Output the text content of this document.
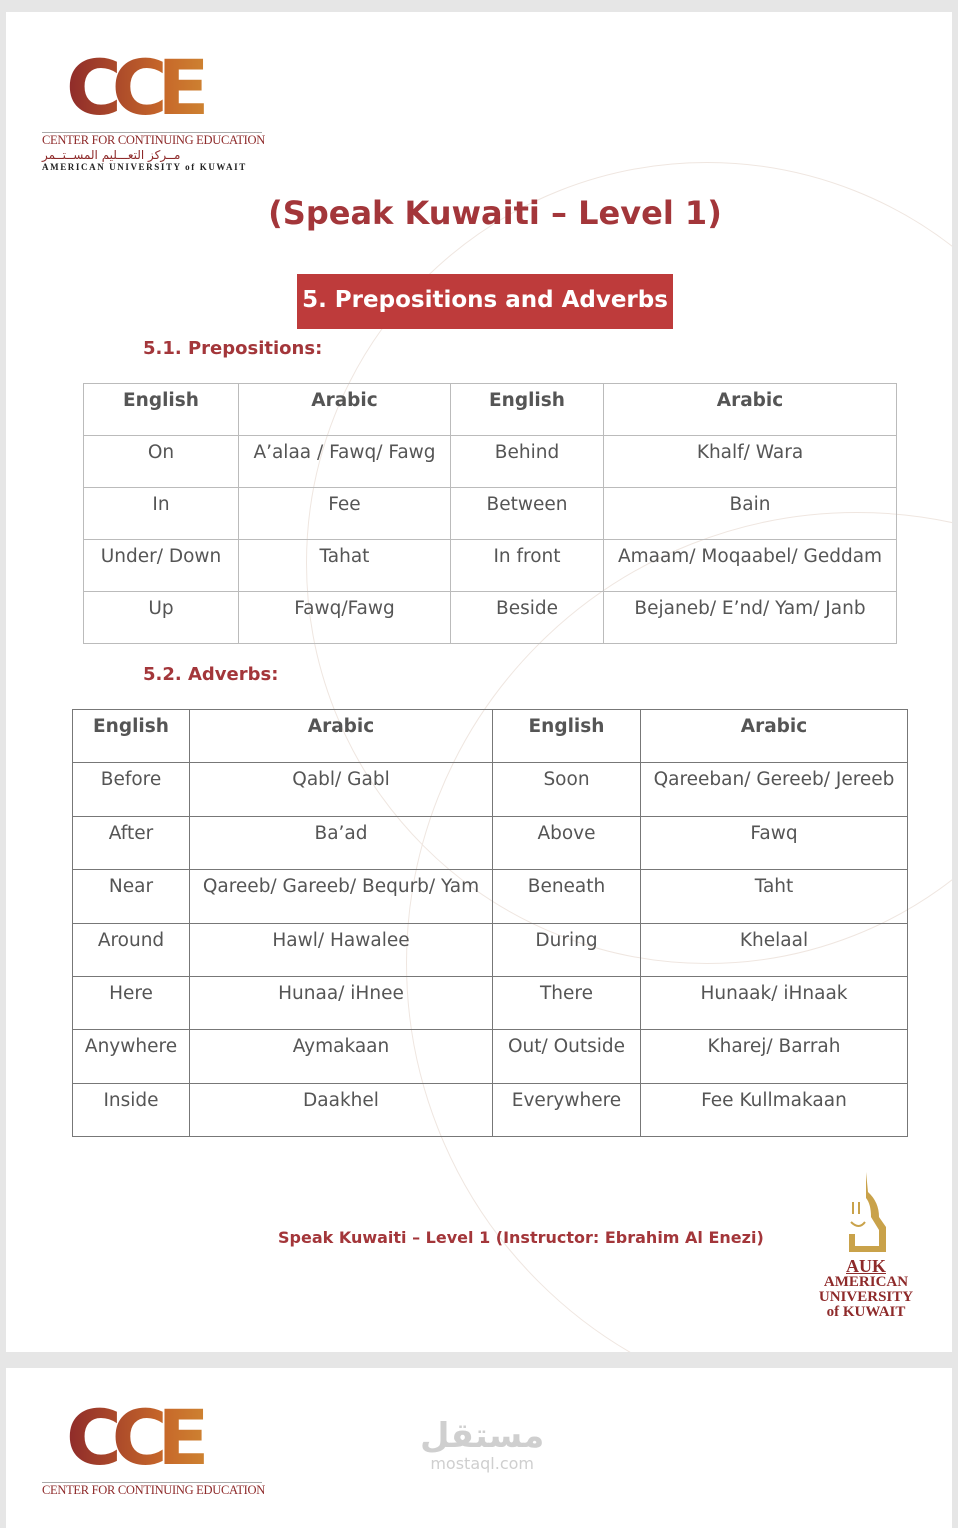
CCE
CENTER FOR CONTINUING EDUCATION
مــركز التعـــليم المســتــمر
AMERICAN UNIVERSITY of KUWAIT
(Speak Kuwaiti – Level 1)
5. Prepositions and Adverbs
5.1. Prepositions:
English	Arabic	English	Arabic
On	A’alaa / Fawq/ Fawg	Behind	Khalf/ Wara
In	Fee	Between	Bain
Under/ Down	Tahat	In front	Amaam/ Moqaabel/ Geddam
Up	Fawq/Fawg	Beside	Bejaneb/ E’nd/ Yam/ Janb
5.2. Adverbs:
English	Arabic	English	Arabic
Before	Qabl/ Gabl	Soon	Qareeban/ Gereeb/ Jereeb
After	Ba’ad	Above	Fawq
Near	Qareeb/ Gareeb/ Bequrb/ Yam	Beneath	Taht
Around	Hawl/ Hawalee	During	Khelaal
Here	Hunaa/ iHnee	There	Hunaak/ iHnaak
Anywhere	Aymakaan	Out/ Outside	Kharej/ Barrah
Inside	Daakhel	Everywhere	Fee Kullmakaan
Speak Kuwaiti – Level 1 (Instructor: Ebrahim Al Enezi)
AUK
AMERICAN
UNIVERSITY
of KUWAIT
CCE
CENTER FOR CONTINUING EDUCATION
مستقل
mostaql.com
